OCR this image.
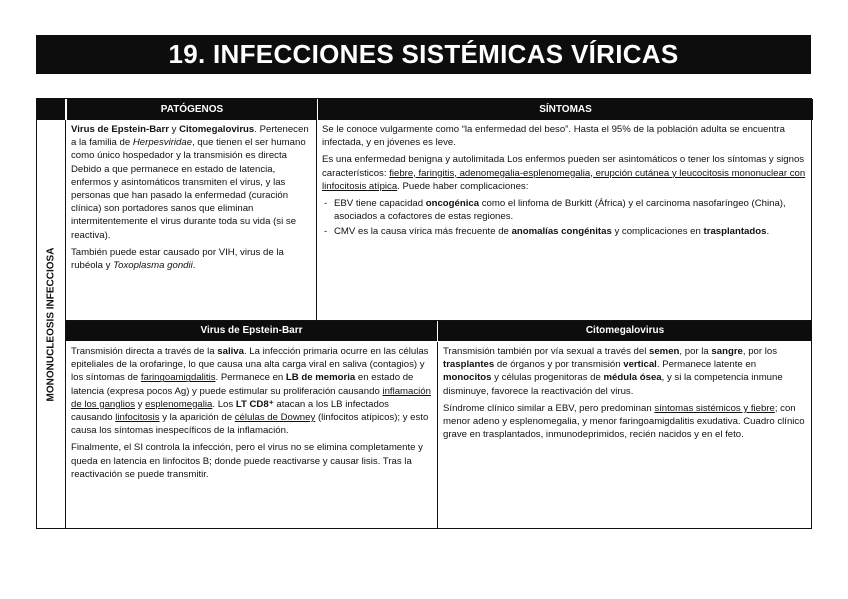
19. INFECCIONES SISTÉMICAS VÍRICAS
PATÓGENOS	SÍNTOMAS
MONONUCLEOSIS INFECCIOSA

Virus de Epstein-Barr y Citomegalovirus. Pertenecen a la familia de Herpesviridae, que tienen el ser humano como único hospedador y la transmisión es directa Debido a que permanece en estado de latencia, enfermos y asintomáticos transmiten el virus, y las personas que han pasado la enfermedad (curación clínica) son portadores sanos que eliminan intermitentemente el virus durante toda su vida (si se reactiva).

También puede estar causado por VIH, virus de la rubéola y Toxoplasma gondii.

Se le conoce vulgarmente como “la enfermedad del beso”. Hasta el 95% de la población adulta se encuentra infectada, y en jóvenes es leve.

Es una enfermedad benigna y autolimitada Los enfermos pueden ser asintomáticos o tener los síntomas y signos característicos: fiebre, faringitis, adenomegalia-esplenomegalia, erupción cutánea y leucocitosis mononuclear con linfocitosis atípica. Puede haber complicaciones:

- EBV tiene capacidad oncogénica como el linfoma de Burkitt (África) y el carcinoma nasofaríngeo (China), asociados a cofactores de estas regiones.
- CMV es la causa vírica más frecuente de anomalías congénitas y complicaciones en trasplantados.
Virus de Epstein-Barr	Citomegalovirus

Transmisión directa a través de la saliva. La infección primaria ocurre en las células epiteliales de la orofaringe, lo que causa una alta carga viral en saliva (contagios) y los síntomas de faringoamigdalitis. Permanece en LB de memoria en estado de latencia (expresa pocos Ag) y puede estimular su proliferación causando inflamación de los ganglios y esplenomegalia. Los LT CD8⁺ atacan a los LB infectados causando linfocitosis y la aparición de células de Downey (linfocitos atípicos); y esto causa los síntomas inespecíficos de la inflamación.

Finalmente, el SI controla la infección, pero el virus no se elimina completamente y queda en latencia en linfocitos B; donde puede reactivarse y causar lisis. Tras la reactivación se puede transmitir.

Transmisión también por vía sexual a través del semen, por la sangre, por los trasplantes de órganos y por transmisión vertical. Permanece latente en monocitos y células progenitoras de médula ósea, y si la competencia inmune disminuye, favorece la reactivación del virus.

Síndrome clínico similar a EBV, pero predominan síntomas sistémicos y fiebre; con menor adeno y esplenomegalia, y menor faringoamigdalitis exudativa. Cuadro clínico grave en trasplantados, inmunodeprimidos, recién nacidos y en el feto.
